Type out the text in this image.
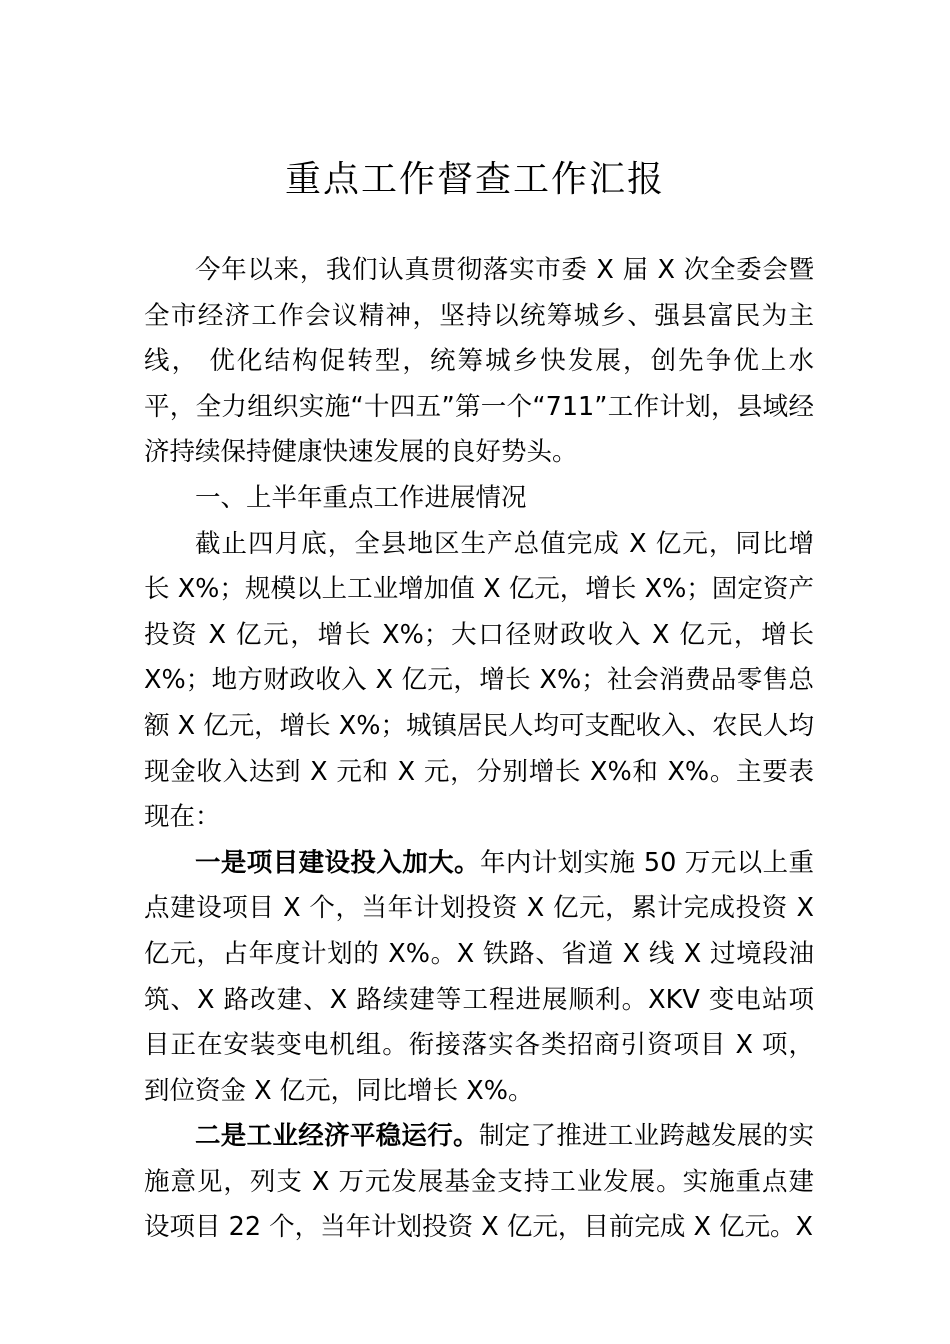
重点工作督查工作汇报

今年以来，我们认真贯彻落实市委 X 届 X 次全委会暨全市经济工作会议精神，坚持以统筹城乡、强县富民为主线， 优化结构促转型，统筹城乡快发展，创先争优上水平，全力组织实施“十四五”第一个“711”工作计划，县域经济持续保持健康快速发展的良好势头。

一、上半年重点工作进展情况

截止四月底，全县地区生产总值完成 X 亿元，同比增长 X%；规模以上工业增加值 X 亿元，增长 X%；固定资产投资 X 亿元，增长 X%；大口径财政收入 X 亿元，增长 X%；地方财政收入 X 亿元，增长 X%；社会消费品零售总额 X 亿元，增长 X%；城镇居民人均可支配收入、农民人均现金收入达到 X 元和 X 元，分别增长 X%和 X%。主要表现在：

一是项目建设投入加大。年内计划实施 50 万元以上重点建设项目 X 个，当年计划投资 X 亿元，累计完成投资 X 亿元，占年度计划的 X%。X 铁路、省道 X 线 X 过境段油筑、X 路改建、X 路续建等工程进展顺利。XKV 变电站项目正在安装变电机组。衔接落实各类招商引资项目 X 项，到位资金 X 亿元，同比增长 X%。

二是工业经济平稳运行。制定了推进工业跨越发展的实施意见，列支 X 万元发展基金支持工业发展。实施重点建设项目 22 个，当年计划投资 X 亿元，目前完成 X 亿元。X
